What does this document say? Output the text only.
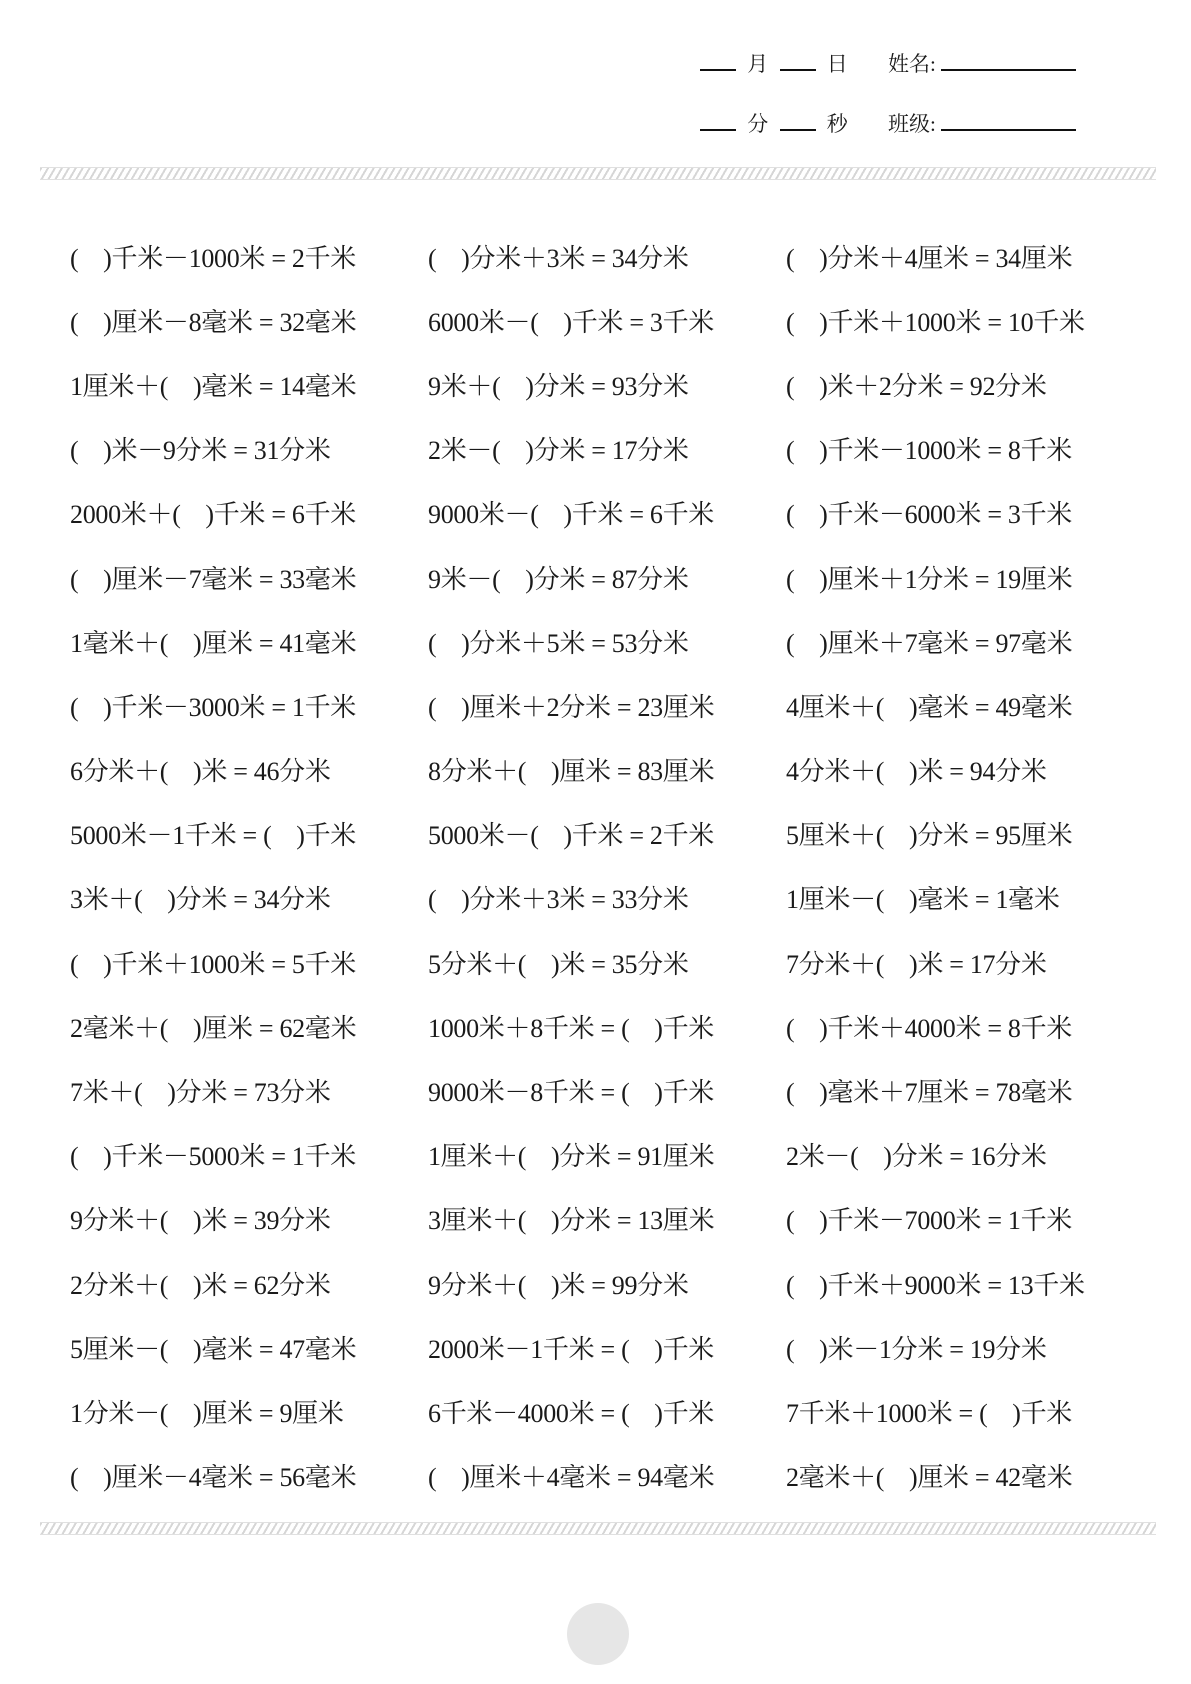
月	日 姓名:
分	秒 班级:
(    )千米－1000米 = 2千米	(    )分米＋3米 = 34分米	(    )分米＋4厘米 = 34厘米
(    )厘米－8毫米 = 32毫米	6000米－(    )千米 = 3千米	(    )千米＋1000米 = 10千米
1厘米＋(    )毫米 = 14毫米	9米＋(    )分米 = 93分米	(    )米＋2分米 = 92分米
(    )米－9分米 = 31分米	2米－(    )分米 = 17分米	(    )千米－1000米 = 8千米
2000米＋(    )千米 = 6千米	9000米－(    )千米 = 6千米	(    )千米－6000米 = 3千米
(    )厘米－7毫米 = 33毫米	9米－(    )分米 = 87分米	(    )厘米＋1分米 = 19厘米
1毫米＋(    )厘米 = 41毫米	(    )分米＋5米 = 53分米	(    )厘米＋7毫米 = 97毫米
(    )千米－3000米 = 1千米	(    )厘米＋2分米 = 23厘米	4厘米＋(    )毫米 = 49毫米
6分米＋(    )米 = 46分米	8分米＋(    )厘米 = 83厘米	4分米＋(    )米 = 94分米
5000米－1千米 = (    )千米	5000米－(    )千米 = 2千米	5厘米＋(    )分米 = 95厘米
3米＋(    )分米 = 34分米	(    )分米＋3米 = 33分米	1厘米－(    )毫米 = 1毫米
(    )千米＋1000米 = 5千米	5分米＋(    )米 = 35分米	7分米＋(    )米 = 17分米
2毫米＋(    )厘米 = 62毫米	1000米＋8千米 = (    )千米	(    )千米＋4000米 = 8千米
7米＋(    )分米 = 73分米	9000米－8千米 = (    )千米	(    )毫米＋7厘米 = 78毫米
(    )千米－5000米 = 1千米	1厘米＋(    )分米 = 91厘米	2米－(    )分米 = 16分米
9分米＋(    )米 = 39分米	3厘米＋(    )分米 = 13厘米	(    )千米－7000米 = 1千米
2分米＋(    )米 = 62分米	9分米＋(    )米 = 99分米	(    )千米＋9000米 = 13千米
5厘米－(    )毫米 = 47毫米	2000米－1千米 = (    )千米	(    )米－1分米 = 19分米
1分米－(    )厘米 = 9厘米	6千米－4000米 = (    )千米	7千米＋1000米 = (    )千米
(    )厘米－4毫米 = 56毫米	(    )厘米＋4毫米 = 94毫米	2毫米＋(    )厘米 = 42毫米
